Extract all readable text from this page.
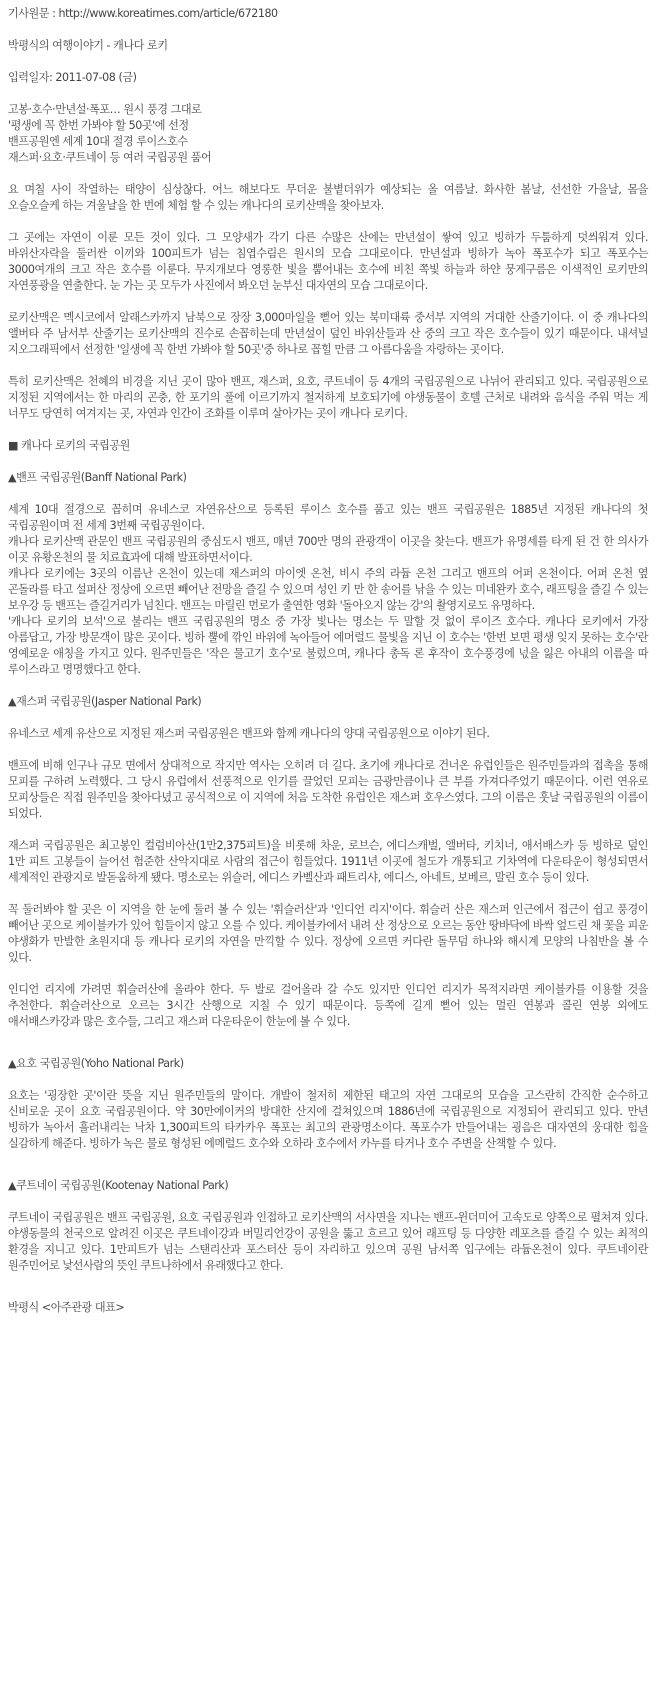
기사원문 : http://www.koreatimes.com/article/672180

박평식의 여행이야기 - 캐나다 로키

입력일자: 2011-07-08 (금)

고봉·호수·만년설·폭포… 원시 풍경 그대로

'평생에 꼭 한번 가봐야 할 50곳'에 선정

밴프공원엔 세계 10대 절경 루이스호수

재스퍼·요호·쿠트네이 등 여러 국립공원 품어

요 며칠 사이 작열하는 태양이 심상찮다. 어느 해보다도 무더운 불볕더위가 예상되는 올 여름날. 화사한 봄날, 선선한 가을날, 몸을 오슬오슬케 하는 겨울날을 한 번에 체험 할 수 있는 캐나다의 로키산맥을 찾아보자.

그 곳에는 자연이 이룬 모든 것이 있다. 그 모양새가 각기 다른 수많은 산에는 만년설이 쌓여 있고 빙하가 두툼하게 덧씌워져 있다. 바위산자락을 둘러싼 이끼와 100피트가 넘는 침엽수림은 원시의 모습 그대로이다. 만년설과 빙하가 녹아 폭포수가 되고 폭포수는 3000여개의 크고 작은 호수를 이룬다. 무지개보다 영롱한 빛을 뿜어내는 호수에 비친 쪽빛 하늘과 하얀 뭉게구름은 이색적인 로키만의 자연풍광을 연출한다. 눈 가는 곳 모두가 사진에서 봐오던 눈부신 대자연의 모습 그대로이다.

로키산맥은 멕시코에서 알래스카까지 남북으로 장장 3,000마일을 뻗어 있는 북미대륙 중서부 지역의 거대한 산줄기이다. 이 중 캐나다의 앨버타 주 남서부 산줄기는 로키산맥의 진수로 손꼽히는데 만년설이 덮인 바위산들과 산 중의 크고 작은 호수들이 있기 때문이다. 내셔널 지오그래픽에서 선정한 '일생에 꼭 한번 가봐야 할 50곳'중 하나로 꼽힐 만큼 그 아름다움을 자랑하는 곳이다.

특히 로키산맥은 천혜의 비경을 지닌 곳이 많아 밴프, 재스퍼, 요호, 쿠트네이 등 4개의 국립공원으로 나뉘어 관리되고 있다. 국립공원으로 지정된 지역에서는 한 마리의 곤충, 한 포기의 풀에 이르기까지 철저하게 보호되기에 야생동물이 호텔 근처로 내려와 음식을 주워 먹는 게 너무도 당연히 여겨지는 곳, 자연과 인간이 조화를 이루며 살아가는 곳이 캐나다 로키다.

■ 캐나다 로키의 국립공원

▲밴프 국립공원(Banff National Park)

세계 10대 절경으로 꼽히며 유네스코 자연유산으로 등록된 루이스 호수를 품고 있는 밴프 국립공원은 1885년 지정된 캐나다의 첫 국립공원이며 전 세계 3번째 국립공원이다.

캐나다 로키산맥 관문인 밴프 국립공원의 중심도시 밴프, 매년 700만 명의 관광객이 이곳을 찾는다. 밴프가 유명세를 타게 된 건 한 의사가 이곳 유황온천의 물 치료효과에 대해 발표하면서이다.

캐나다 로키에는 3곳의 이름난 온천이 있는데 재스퍼의 마이엣 온천, 비시 주의 라듐 온천 그리고 밴프의 어퍼 온천이다. 어퍼 온천 옆 곤돌라를 타고 설퍼산 정상에 오르면 빼어난 전망을 즐길 수 있으며 성인 키 만 한 송어를 낚을 수 있는 미네완카 호수, 래프팅을 즐길 수 있는 보우강 등 밴프는 즐길거리가 넘친다. 밴프는 마릴린 먼로가 출연한 영화 '돌아오지 않는 강'의 촬영지로도 유명하다.

'캐나다 로키의 보석'으로 불리는 밴프 국립공원의 명소 중 가장 빛나는 명소는 두 말할 것 없이 루이즈 호수다. 캐나다 로키에서 가장 아름답고, 가장 방문객이 많은 곳이다. 빙하 뿔에 깎인 바위에 녹아들어 에머럴드 물빛을 지닌 이 호수는 '한번 보면 평생 잊지 못하는 호수'란 영예로운 애칭을 가지고 있다. 원주민들은 '작은 물고기 호수'로 불렀으며, 캐나다 총독 론 후작이 호수풍경에 넋을 잃은 아내의 이름을 따 루이스라고 명명했다고 한다.

▲재스퍼 국립공원(Jasper National Park)

유네스코 세계 유산으로 지정된 재스퍼 국립공원은 밴프와 함께 캐나다의 양대 국립공원으로 이야기 된다.

밴프에 비해 인구나 규모 면에서 상대적으로 작지만 역사는 오히려 더 길다. 초기에 캐나다로 건너온 유럽인들은 원주민들과의 접촉을 통해 모피를 구하려 노력했다. 그 당시 유럽에서 선풍적으로 인기를 끌었던 모피는 금광만큼이나 큰 부를 가져다주었기 때문이다. 이런 연유로 모피상들은 직접 원주민을 찾아다녔고 공식적으로 이 지역에 처음 도착한 유럽인은 재스퍼 호우스였다. 그의 이름은 훗날 국립공원의 이름이 되었다.

재스퍼 국립공원은 최고봉인 컬럼비아산(1만2,375피트)을 비롯해 차운, 로브슨, 에디스캐벌, 앨버타, 키치너, 애서배스카 등 빙하로 덮인 1만 피트 고봉들이 늘어선 험준한 산악지대로 사람의 접근이 힘들었다. 1911년 이곳에 철도가 개통되고 기차역에 다운타운이 형성되면서 세계적인 관광지로 발돋움하게 됐다. 명소로는 위슬러, 에디스 카벨산과 패트리샤, 에디스, 아네트, 보베르, 말린 호수 등이 있다.

꼭 둘러봐야 할 곳은 이 지역을 한 눈에 둘러 볼 수 있는 '휘슬러산'과 '인디언 리지'이다. 휘슬러 산은 재스퍼 인근에서 접근이 쉽고 풍경이 빼어난 곳으로 케이블카가 있어 힘들이지 않고 오를 수 있다. 케이블카에서 내려 산 정상으로 오르는 동안 땅바닥에 바싹 엎드린 채 꽃을 피운 야생화가 만발한 초원지대 등 캐나다 로키의 자연을 만끽할 수 있다. 정상에 오르면 커다란 돌무덤 하나와 해시계 모양의 나침반을 볼 수 있다.

인디언 리지에 가려면 휘슬러산에 올라야 한다. 두 발로 걸어올라 갈 수도 있지만 인디언 리지가 목적지라면 케이블카를 이용할 것을 추천한다. 휘슬러산으로 오르는 3시간 산행으로 지칠 수 있기 때문이다. 등쪽에 길게 뻗어 있는 멀린 연봉과 콜린 연봉 외에도 애서배스카강과 많은 호수들, 그리고 재스퍼 다운타운이 한눈에 볼 수 있다.

▲요호 국립공원(Yoho National Park)

요호는 '굉장한 곳'이란 뜻을 지닌 원주민들의 말이다. 개발이 철저히 제한된 태고의 자연 그대로의 모습을 고스란히 간직한 순수하고 신비로운 곳이 요호 국립공원이다. 약 30만에이커의 방대한 산지에 걸쳐있으며 1886년에 국립공원으로 지정되어 관리되고 있다. 만년 빙하가 녹아서 흘러내리는 낙차 1,300피트의 타카카우 폭포는 최고의 관광명소이다. 폭포수가 만들어내는 굉음은 대자연의 웅대한 힘을 실감하게 해준다. 빙하가 녹은 물로 형성된 에메럴드 호수와 오하라 호수에서 카누를 타거나 호수 주변을 산책할 수 있다.

▲쿠트네이 국립공원(Kootenay National Park)

쿠트네이 국립공원은 밴프 국립공원, 요호 국립공원과 인접하고 로키산맥의 서사면을 지나는 밴프-윈더미어 고속도로 양쪽으로 펼쳐져 있다. 야생동물의 천국으로 알려진 이곳은 쿠트네이강과 버밀리언강이 공원을 뚫고 흐르고 있어 래프팅 등 다양한 레포츠를 즐길 수 있는 최적의 환경을 지니고 있다. 1만피트가 넘는 스탠리산과 포스터산 등이 자리하고 있으며 공원 남서쪽 입구에는 라듐온천이 있다. 쿠트네이란 원주민어로 낯선사람의 뜻인 쿠트나하에서 유래했다고 한다.

박평식 <아주관광 대표>
